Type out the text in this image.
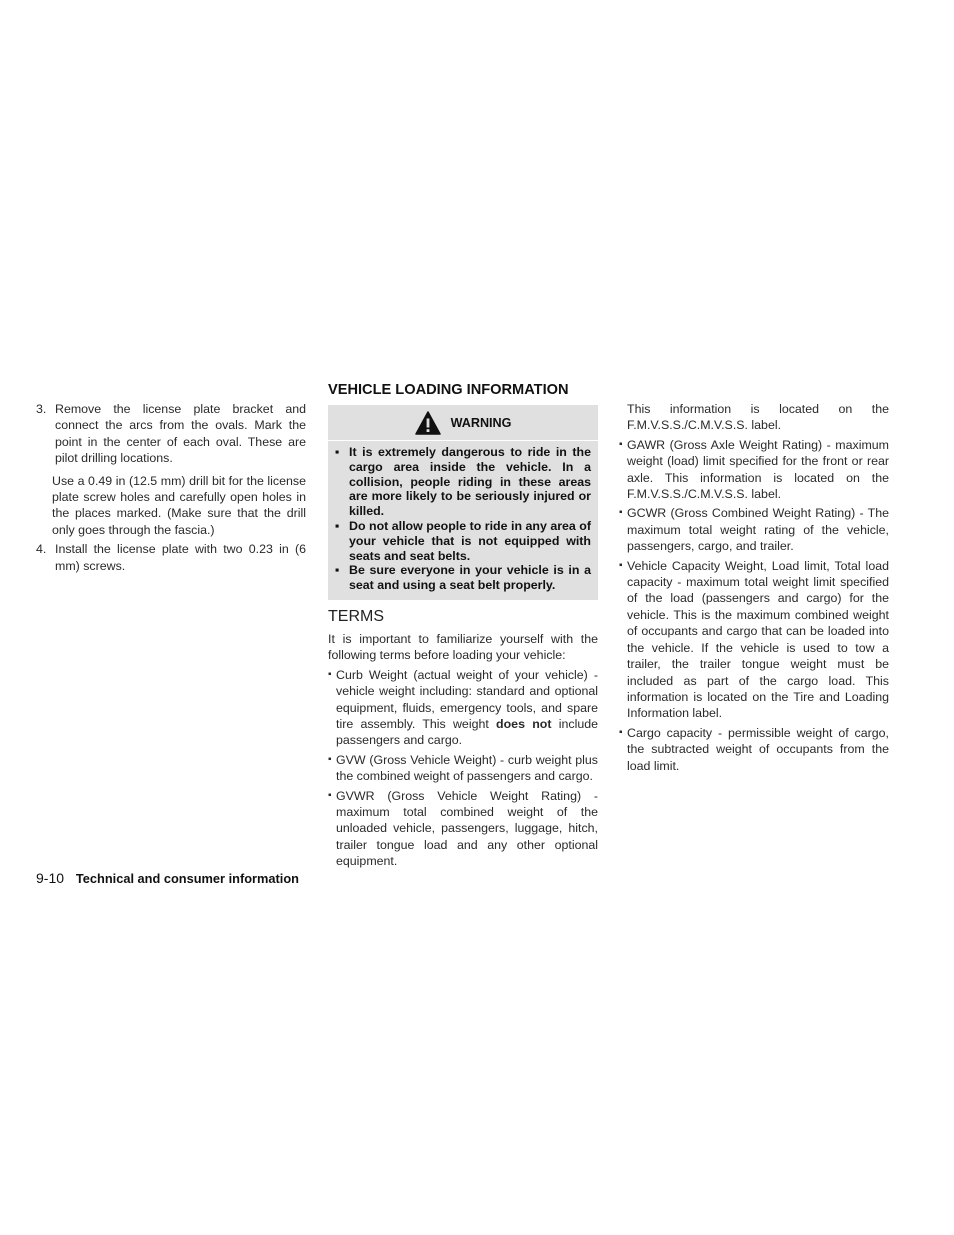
3. Remove the license plate bracket and connect the arcs from the ovals. Mark the point in the center of each oval. These are pilot drilling locations.
Use a 0.49 in (12.5 mm) drill bit for the license plate screw holes and carefully open holes in the places marked. (Make sure that the drill only goes through the fascia.)
4. Install the license plate with two 0.23 in (6 mm) screws.
VEHICLE LOADING INFORMATION
WARNING
▪ It is extremely dangerous to ride in the cargo area inside the vehicle. In a collision, people riding in these areas are more likely to be seriously injured or killed.
▪ Do not allow people to ride in any area of your vehicle that is not equipped with seats and seat belts.
▪ Be sure everyone in your vehicle is in a seat and using a seat belt properly.
TERMS
It is important to familiarize yourself with the following terms before loading your vehicle:
▪ Curb Weight (actual weight of your vehicle) - vehicle weight including: standard and optional equipment, fluids, emergency tools, and spare tire assembly. This weight does not include passengers and cargo.
▪ GVW (Gross Vehicle Weight) - curb weight plus the combined weight of passengers and cargo.
▪ GVWR (Gross Vehicle Weight Rating) - maximum total combined weight of the unloaded vehicle, passengers, luggage, hitch, trailer tongue load and any other optional equipment.
This information is located on the F.M.V.S.S./C.M.V.S.S. label.
▪ GAWR (Gross Axle Weight Rating) - maximum weight (load) limit specified for the front or rear axle. This information is located on the F.M.V.S.S./C.M.V.S.S. label.
▪ GCWR (Gross Combined Weight Rating) - The maximum total weight rating of the vehicle, passengers, cargo, and trailer.
▪ Vehicle Capacity Weight, Load limit, Total load capacity - maximum total weight limit specified of the load (passengers and cargo) for the vehicle. This is the maximum combined weight of occupants and cargo that can be loaded into the vehicle. If the vehicle is used to tow a trailer, the trailer tongue weight must be included as part of the cargo load. This information is located on the Tire and Loading Information label.
▪ Cargo capacity - permissible weight of cargo, the subtracted weight of occupants from the load limit.
9-10 Technical and consumer information
